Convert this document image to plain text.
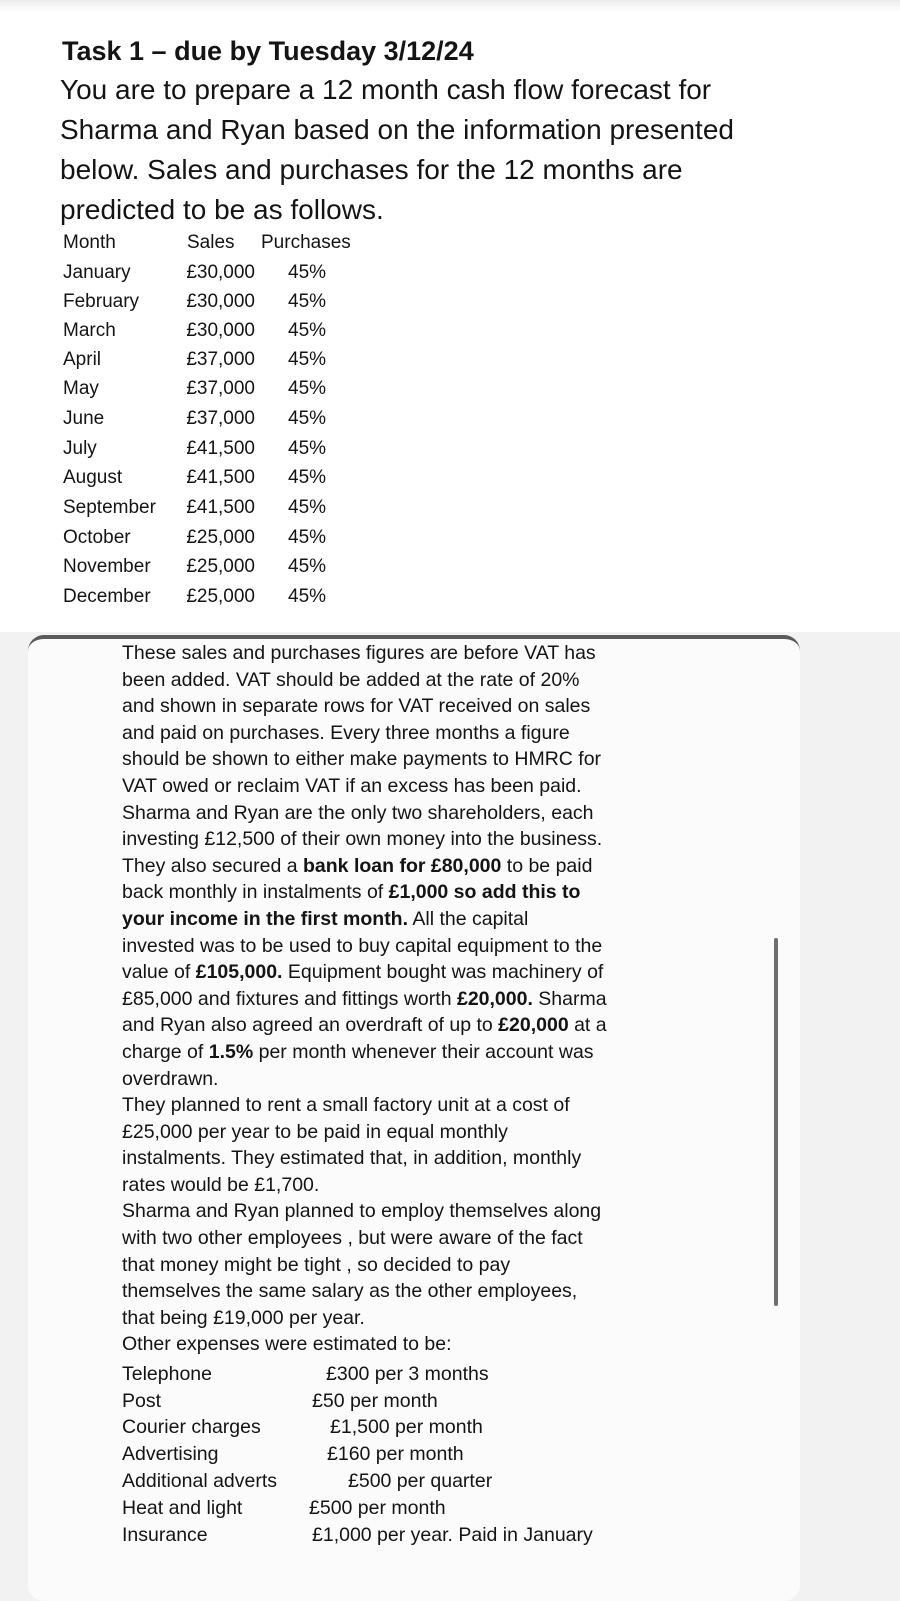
Task 1 – due by Tuesday 3/12/24
You are to prepare a 12 month cash flow forecast for
Sharma and Ryan based on the information presented
below. Sales and purchases for the 12 months are
predicted to be as follows.
Month	Sales Purchases
January	£30,000 45%
February	£30,000 45%
March	£30,000 45%
April	£37,000 45%
May	£37,000 45%
June	£37,000 45%
July	£41,500 45%
August	£41,500 45%
September	£41,500 45%
October	£25,000 45%
November	£25,000 45%
December	£25,000 45%
These sales and purchases figures are before VAT has
been added. VAT should be added at the rate of 20%
and shown in separate rows for VAT received on sales
and paid on purchases. Every three months a figure
should be shown to either make payments to HMRC for
VAT owed or reclaim VAT if an excess has been paid.
Sharma and Ryan are the only two shareholders, each
investing £12,500 of their own money into the business.
They also secured a bank loan for £80,000 to be paid
back monthly in instalments of £1,000 so add this to
your income in the first month. All the capital
invested was to be used to buy capital equipment to the
value of £105,000. Equipment bought was machinery of
£85,000 and fixtures and fittings worth £20,000. Sharma
and Ryan also agreed an overdraft of up to £20,000 at a
charge of 1.5% per month whenever their account was
overdrawn.
They planned to rent a small factory unit at a cost of
£25,000 per year to be paid in equal monthly
instalments. They estimated that, in addition, monthly
rates would be £1,700.
Sharma and Ryan planned to employ themselves along
with two other employees , but were aware of the fact
that money might be tight , so decided to pay
themselves the same salary as the other employees,
that being £19,000 per year.
Other expenses were estimated to be:
Telephone	£300 per 3 months
Post	£50 per month
Courier charges	£1,500 per month
Advertising	£160 per month
Additional adverts	£500 per quarter
Heat and light	£500 per month
Insurance	£1,000 per year. Paid in January
